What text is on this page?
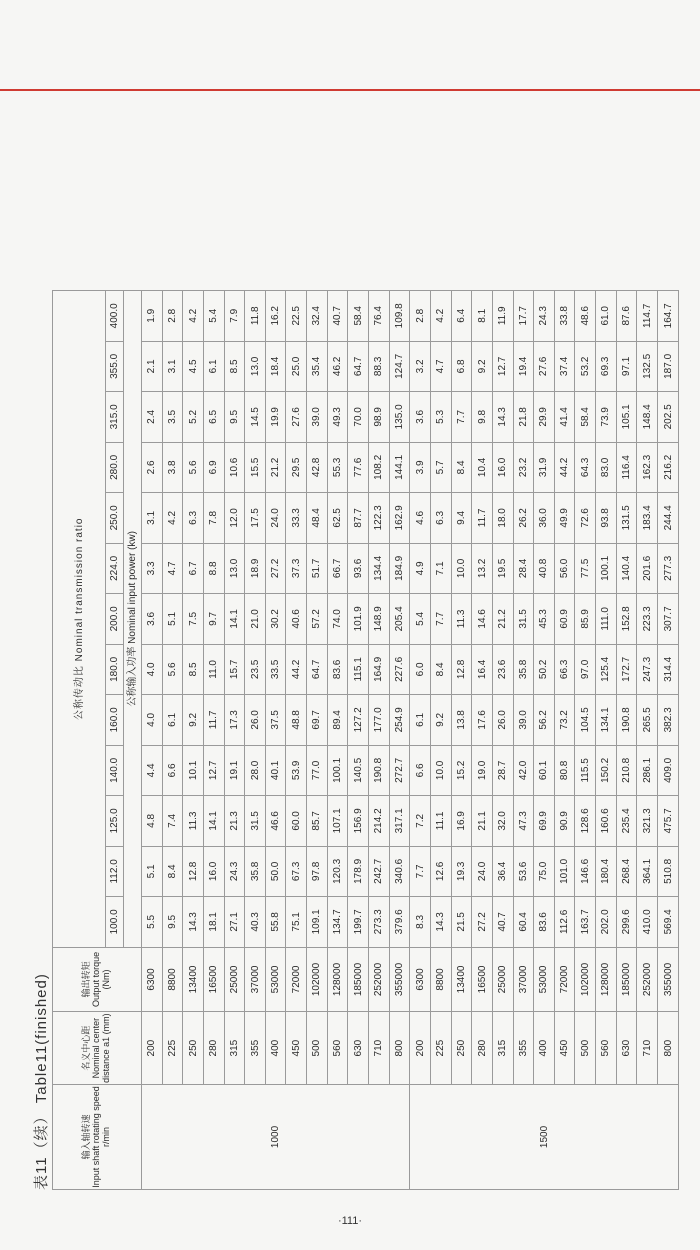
表11（续） Table11(finished)	输入轴转速 Input shaft rotating speed r/min	名义中心距 Nominal center distance a1 (mm)	输出转矩 Output torque (Nm)	公称传动比 Nominal transmission ratio												
			100.0	112.0	125.0	140.0	160.0	180.0	200.0	224.0	250.0	280.0	315.0	355.0	400.0
			公称输入功率 Nominal input power (kw)												
1000	200	6300	5.5	5.1	4.8	4.4	4.0	4.0	3.6	3.3	3.1	2.6	2.4	2.1	1.9
	225	8800	9.5	8.4	7.4	6.6	6.1	5.6	5.1	4.7	4.2	3.8	3.5	3.1	2.8
	250	13400	14.3	12.8	11.3	10.1	9.2	8.5	7.5	6.7	6.3	5.6	5.2	4.5	4.2
	280	16500	18.1	16.0	14.1	12.7	11.7	11.0	9.7	8.8	7.8	6.9	6.5	6.1	5.4
	315	25000	27.1	24.3	21.3	19.1	17.3	15.7	14.1	13.0	12.0	10.6	9.5	8.5	7.9
	355	37000	40.3	35.8	31.5	28.0	26.0	23.5	21.0	18.9	17.5	15.5	14.5	13.0	11.8
	400	53000	55.8	50.0	46.6	40.1	37.5	33.5	30.2	27.2	24.0	21.2	19.9	18.4	16.2
	450	72000	75.1	67.3	60.0	53.9	48.8	44.2	40.6	37.3	33.3	29.5	27.6	25.0	22.5
	500	102000	109.1	97.8	85.7	77.0	69.7	64.7	57.2	51.7	48.4	42.8	39.0	35.4	32.4
	560	128000	134.7	120.3	107.1	100.1	89.4	83.6	74.0	66.7	62.5	55.3	49.3	46.2	40.7
	630	185000	199.7	178.9	156.9	140.5	127.2	115.1	101.9	93.6	87.7	77.6	70.0	64.7	58.4
	710	252000	273.3	242.7	214.2	190.8	177.0	164.9	148.9	134.4	122.3	108.2	98.9	88.3	76.4
	800	355000	379.6	340.6	317.1	272.7	254.9	227.6	205.4	184.9	162.9	144.1	135.0	124.7	109.8
1500	200	6300	8.3	7.7	7.2	6.6	6.1	6.0	5.4	4.9	4.6	3.9	3.6	3.2	2.8
	225	8800	14.3	12.6	11.1	10.0	9.2	8.4	7.7	7.1	6.3	5.7	5.3	4.7	4.2
	250	13400	21.5	19.3	16.9	15.2	13.8	12.8	11.3	10.0	9.4	8.4	7.7	6.8	6.4
	280	16500	27.2	24.0	21.1	19.0	17.6	16.4	14.6	13.2	11.7	10.4	9.8	9.2	8.1
	315	25000	40.7	36.4	32.0	28.7	26.0	23.6	21.2	19.5	18.0	16.0	14.3	12.7	11.9
	355	37000	60.4	53.6	47.3	42.0	39.0	35.8	31.5	28.4	26.2	23.2	21.8	19.4	17.7
	400	53000	83.6	75.0	69.9	60.1	56.2	50.2	45.3	40.8	36.0	31.9	29.9	27.6	24.3
	450	72000	112.6	101.0	90.9	80.8	73.2	66.3	60.9	56.0	49.9	44.2	41.4	37.4	33.8
	500	102000	163.7	146.6	128.6	115.5	104.5	97.0	85.9	77.5	72.6	64.3	58.4	53.2	48.6
	560	128000	202.0	180.4	160.6	150.2	134.1	125.4	111.0	100.1	93.8	83.0	73.9	69.3	61.0
	630	185000	299.6	268.4	235.4	210.8	190.8	172.7	152.8	140.4	131.5	116.4	105.1	97.1	87.6
	710	252000	410.0	364.1	321.3	286.1	265.5	247.3	223.3	201.6	183.4	162.3	148.4	132.5	114.7
	800	355000	569.4	510.8	475.7	409.0	382.3	314.4	307.7	277.3	244.4	216.2	202.5	187.0	164.7
·111·
